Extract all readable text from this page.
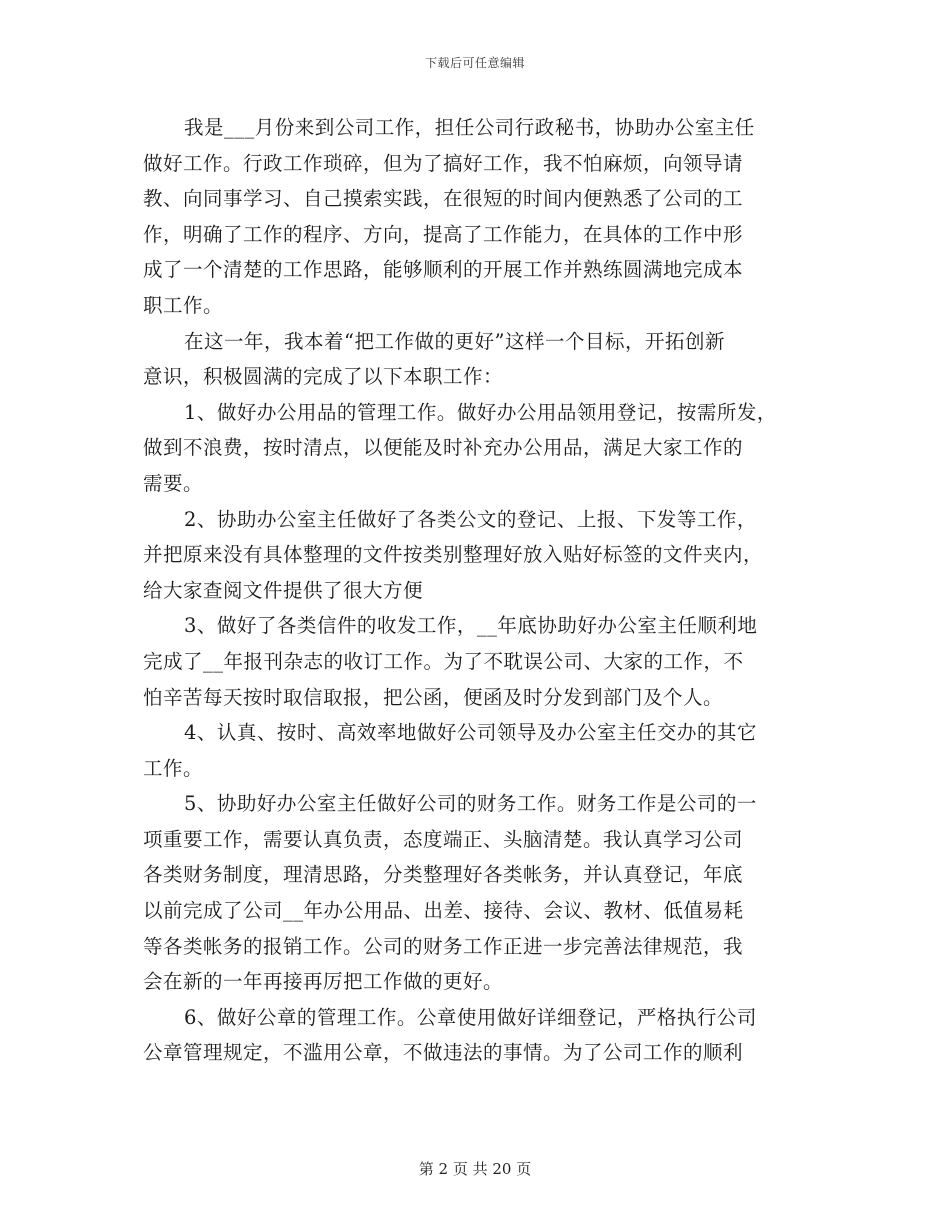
下载后可任意编辑
我是___月份来到公司工作，担任公司行政秘书，协助办公室主任
做好工作。行政工作琐碎，但为了搞好工作，我不怕麻烦，向领导请
教、向同事学习、自己摸索实践，在很短的时间内便熟悉了公司的工
作，明确了工作的程序、方向，提高了工作能力，在具体的工作中形
成了一个清楚的工作思路，能够顺利的开展工作并熟练圆满地完成本
职工作。
在这一年，我本着“把工作做的更好”这样一个目标，开拓创新
意识，积极圆满的完成了以下本职工作：
1、做好办公用品的管理工作。做好办公用品领用登记，按需所发，
做到不浪费，按时清点，以便能及时补充办公用品，满足大家工作的
需要。
2、协助办公室主任做好了各类公文的登记、上报、下发等工作，
并把原来没有具体整理的文件按类别整理好放入贴好标签的文件夹内，
给大家查阅文件提供了很大方便
3、做好了各类信件的收发工作，__年底协助好办公室主任顺利地
完成了__年报刊杂志的收订工作。为了不耽误公司、大家的工作，不
怕辛苦每天按时取信取报，把公函，便函及时分发到部门及个人。
4、认真、按时、高效率地做好公司领导及办公室主任交办的其它
工作。
5、协助好办公室主任做好公司的财务工作。财务工作是公司的一
项重要工作，需要认真负责，态度端正、头脑清楚。我认真学习公司
各类财务制度，理清思路，分类整理好各类帐务，并认真登记，年底
以前完成了公司__年办公用品、出差、接待、会议、教材、低值易耗
等各类帐务的报销工作。公司的财务工作正进一步完善法律规范，我
会在新的一年再接再厉把工作做的更好。
6、做好公章的管理工作。公章使用做好详细登记，严格执行公司
公章管理规定，不滥用公章，不做违法的事情。为了公司工作的顺利
第 2 页 共 20 页
